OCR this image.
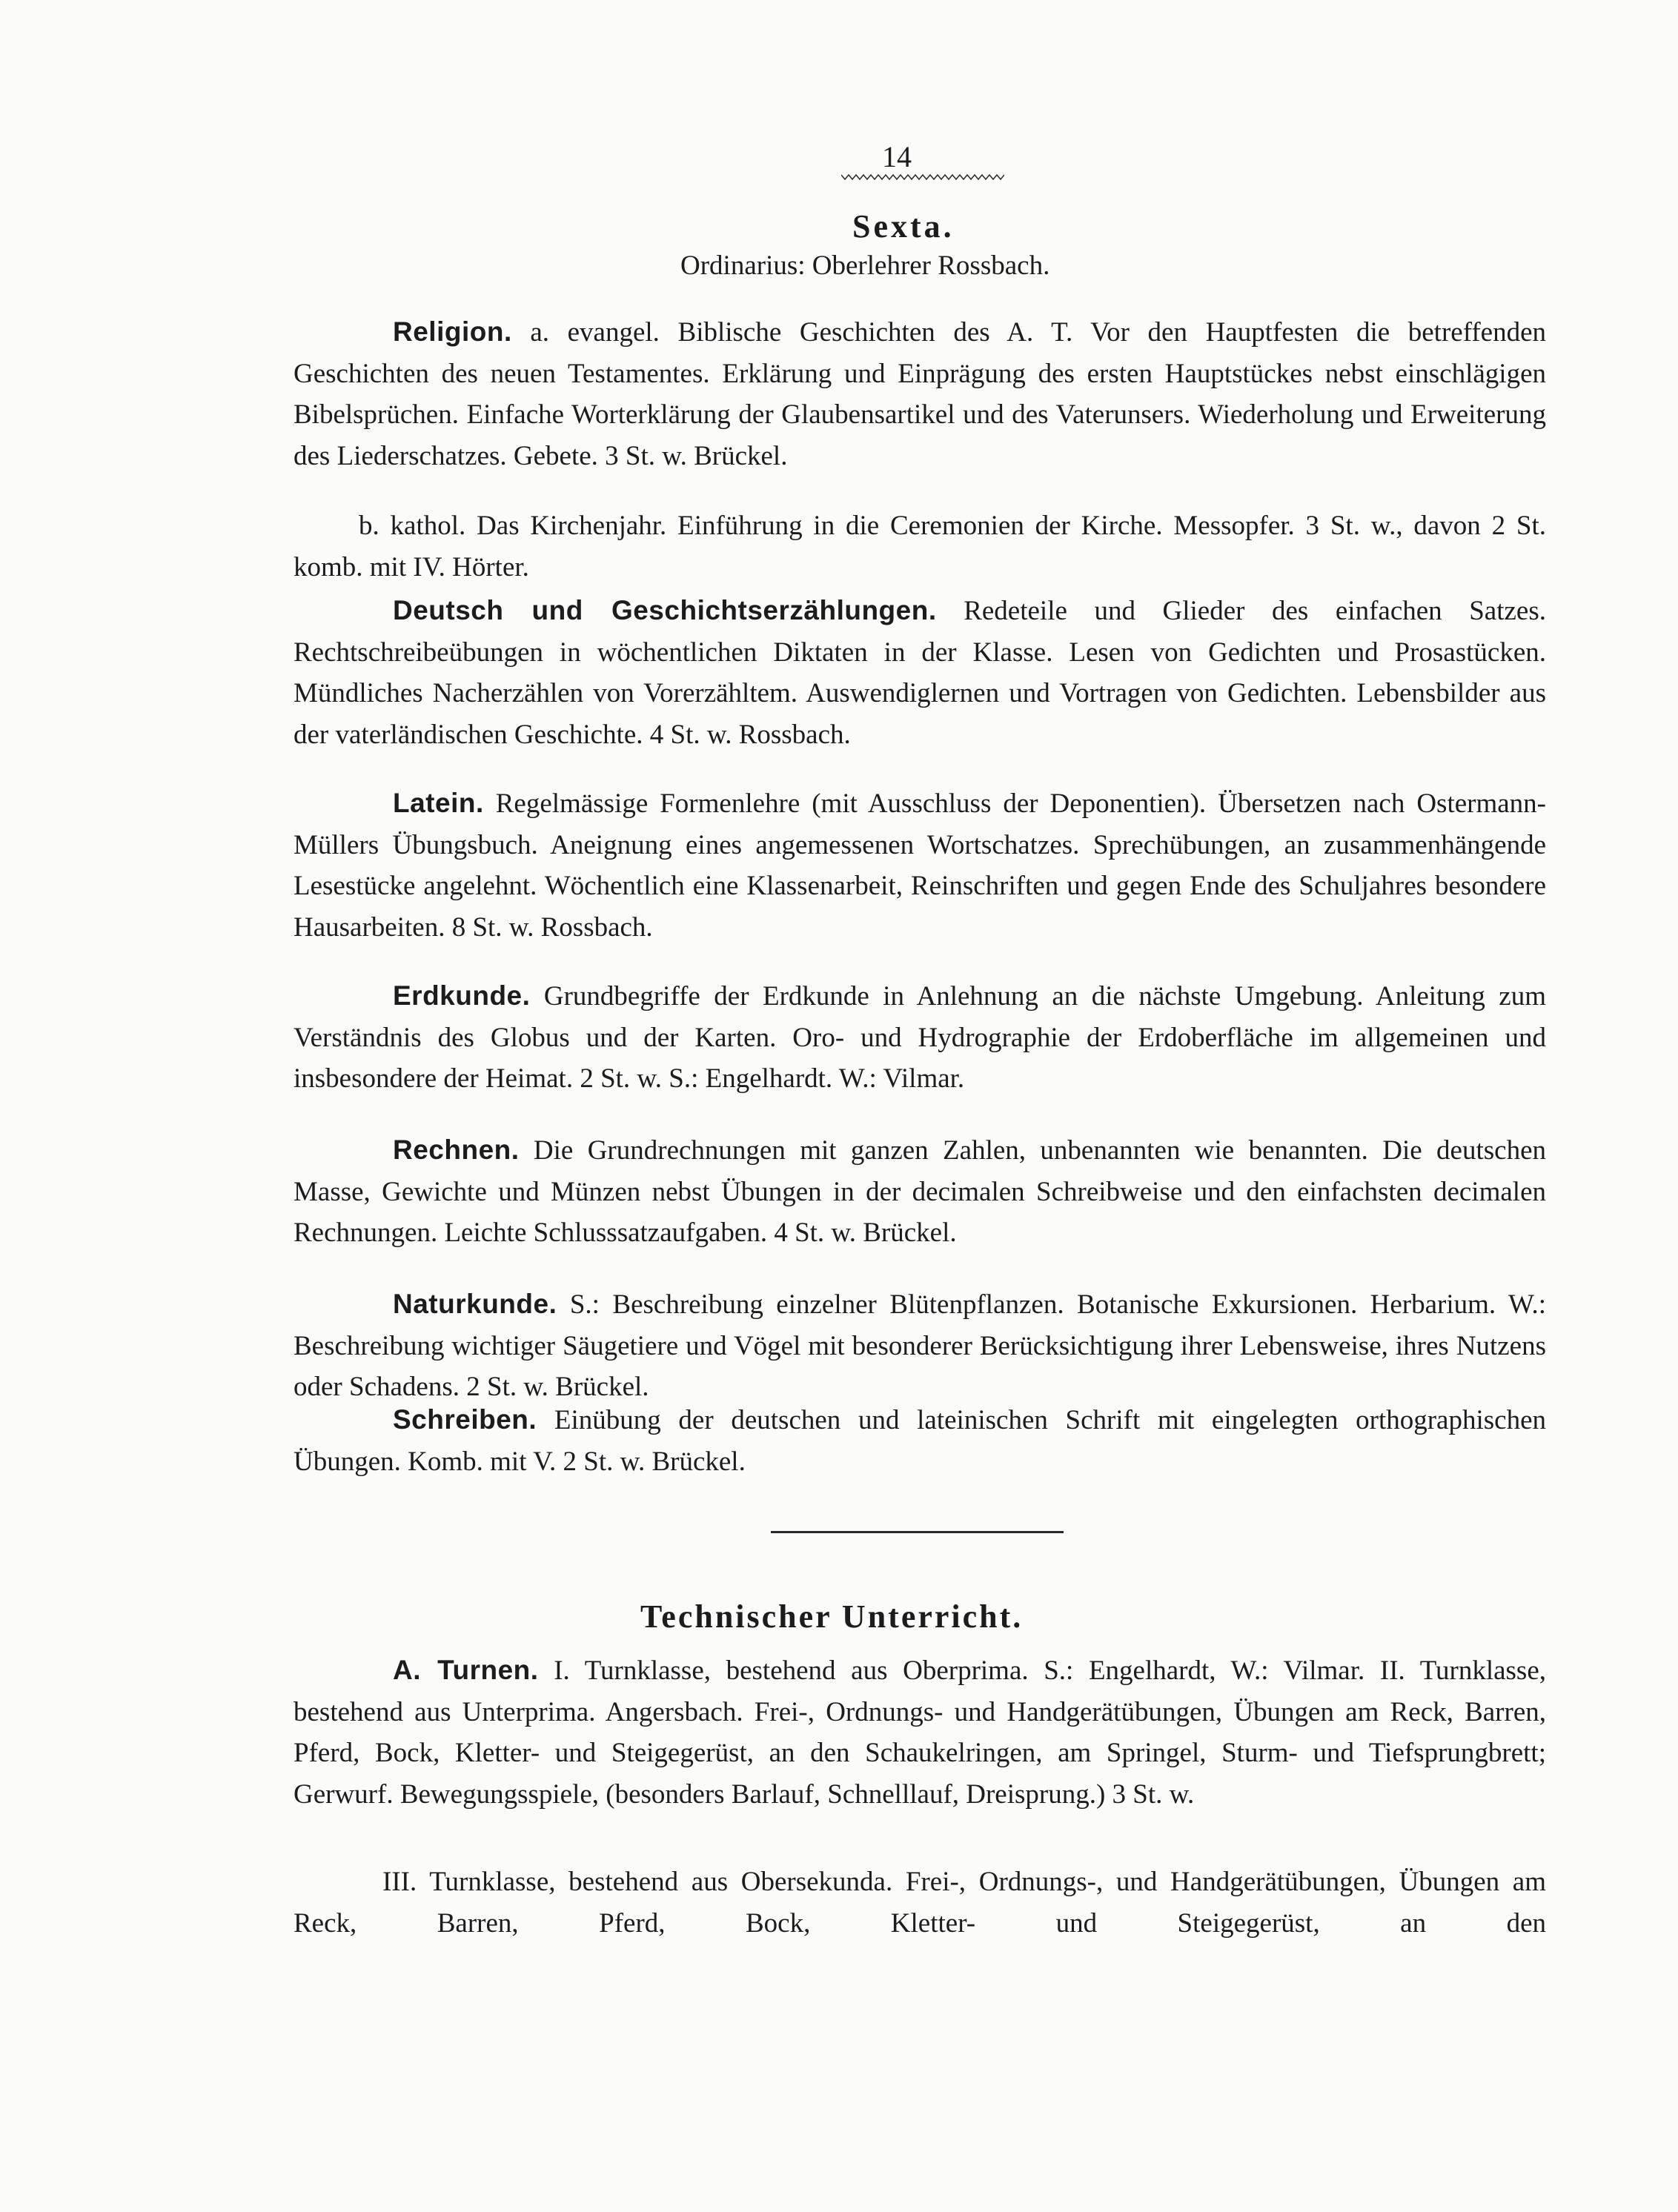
14
Sexta.
Ordinarius: Oberlehrer Rossbach.

Religion. a. evangel. Biblische Geschichten des A. T. Vor den Hauptfesten die betreffenden Geschichten des neuen Testamentes. Erklärung und Einprägung des ersten Hauptstückes nebst einschlägigen Bibelsprüchen. Einfache Worterklärung der Glaubensartikel und des Vaterunsers. Wiederholung und Erweiterung des Liederschatzes. Gebete. 3 St. w. Brückel.

b. kathol. Das Kirchenjahr. Einführung in die Ceremonien der Kirche. Messopfer. 3 St. w., davon 2 St. komb. mit IV. Hörter.

Deutsch und Geschichtserzählungen. Redeteile und Glieder des einfachen Satzes. Rechtschreibeübungen in wöchentlichen Diktaten in der Klasse. Lesen von Gedichten und Prosastücken. Mündliches Nacherzählen von Vorerzähltem. Auswendiglernen und Vortragen von Gedichten. Lebensbilder aus der vaterländischen Geschichte. 4 St. w. Rossbach.

Latein. Regelmässige Formenlehre (mit Ausschluss der Deponentien). Übersetzen nach Ostermann-Müllers Übungsbuch. Aneignung eines angemessenen Wortschatzes. Sprechübungen, an zusammenhängende Lesestücke angelehnt. Wöchentlich eine Klassenarbeit, Reinschriften und gegen Ende des Schuljahres besondere Hausarbeiten. 8 St. w. Rossbach.

Erdkunde. Grundbegriffe der Erdkunde in Anlehnung an die nächste Umgebung. Anleitung zum Verständnis des Globus und der Karten. Oro- und Hydrographie der Erdoberfläche im allgemeinen und insbesondere der Heimat. 2 St. w. S.: Engelhardt. W.: Vilmar.

Rechnen. Die Grundrechnungen mit ganzen Zahlen, unbenannten wie benannten. Die deutschen Masse, Gewichte und Münzen nebst Übungen in der decimalen Schreibweise und den einfachsten decimalen Rechnungen. Leichte Schlusssatzaufgaben. 4 St. w. Brückel.

Naturkunde. S.: Beschreibung einzelner Blütenpflanzen. Botanische Exkursionen. Herbarium. W.: Beschreibung wichtiger Säugetiere und Vögel mit besonderer Berücksichtigung ihrer Lebensweise, ihres Nutzens oder Schadens. 2 St. w. Brückel.

Schreiben. Einübung der deutschen und lateinischen Schrift mit eingelegten orthographischen Übungen. Komb. mit V. 2 St. w. Brückel.

Technischer Unterricht.

A. Turnen. I. Turnklasse, bestehend aus Oberprima. S.: Engelhardt, W.: Vilmar. II. Turnklasse, bestehend aus Unterprima. Angersbach. Frei-, Ordnungs- und Handgerätübungen, Übungen am Reck, Barren, Pferd, Bock, Kletter- und Steigegerüst, an den Schaukelringen, am Springel, Sturm- und Tiefsprungbrett; Gerwurf. Bewegungsspiele, (besonders Barlauf, Schnelllauf, Dreisprung.) 3 St. w.

III. Turnklasse, bestehend aus Obersekunda. Frei-, Ordnungs-, und Handgerätübungen, Übungen am Reck, Barren, Pferd, Bock, Kletter- und Steigegerüst, an den
